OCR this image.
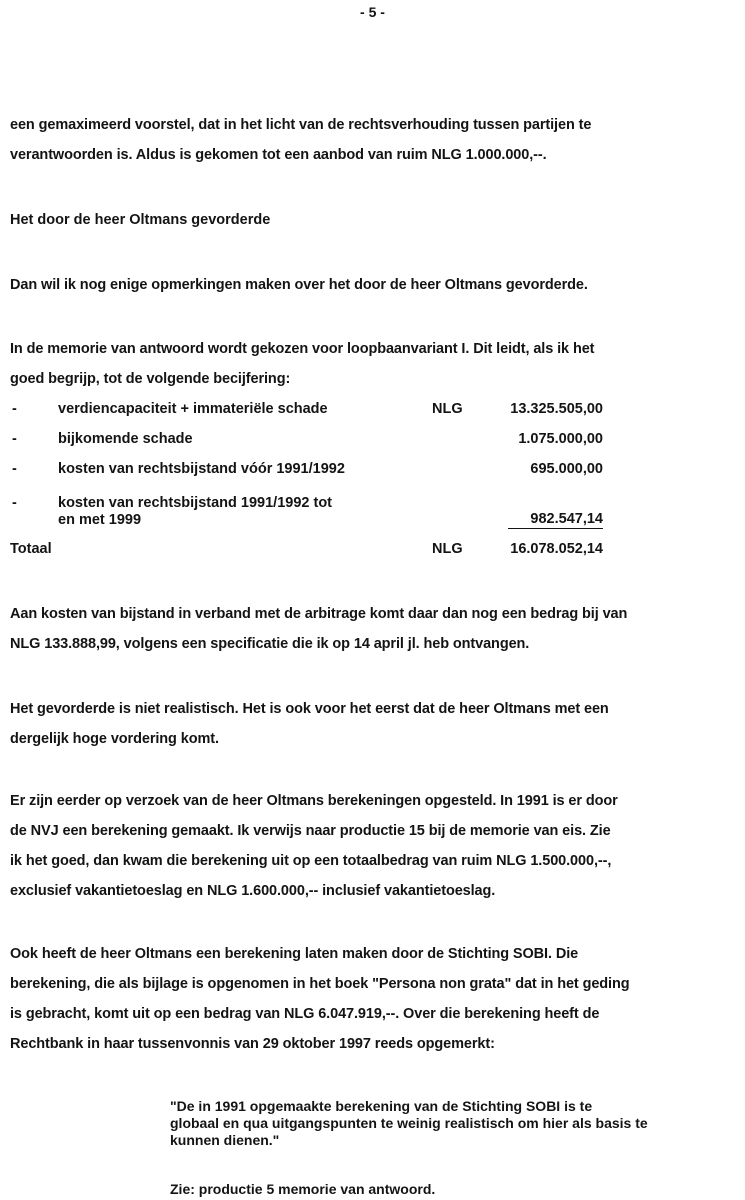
- 5 -
een gemaximeerd voorstel, dat in het licht van de rechtsverhouding tussen partijen te
verantwoorden is. Aldus is gekomen tot een aanbod van ruim NLG 1.000.000,--.
Het door de heer Oltmans gevorderde
Dan wil ik nog enige opmerkingen maken over het door de heer Oltmans gevorderde.
In de memorie van antwoord wordt gekozen voor loopbaanvariant I. Dit leidt, als ik het
goed begrijp, tot de volgende becijfering:
-	verdiencapaciteit + immateriële schade	NLG	13.325.505,00
-	bijkomende schade	1.075.000,00
-	kosten van rechtsbijstand vóór 1991/1992	695.000,00
-	kosten van rechtsbijstand 1991/1992 tot
en met 1999	982.547,14
Totaal	NLG	16.078.052,14
Aan kosten van bijstand in verband met de arbitrage komt daar dan nog een bedrag bij van
NLG 133.888,99, volgens een specificatie die ik op 14 april jl. heb ontvangen.
Het gevorderde is niet realistisch. Het is ook voor het eerst dat de heer Oltmans met een
dergelijk hoge vordering komt.
Er zijn eerder op verzoek van de heer Oltmans berekeningen opgesteld. In 1991 is er door
de NVJ een berekening gemaakt. Ik verwijs naar productie 15 bij de memorie van eis. Zie
ik het goed, dan kwam die berekening uit op een totaalbedrag van ruim NLG 1.500.000,--,
exclusief vakantietoeslag en NLG 1.600.000,-- inclusief vakantietoeslag.
Ook heeft de heer Oltmans een berekening laten maken door de Stichting SOBI. Die
berekening, die als bijlage is opgenomen in het boek "Persona non grata" dat in het geding
is gebracht, komt uit op een bedrag van NLG 6.047.919,--. Over die berekening heeft de
Rechtbank in haar tussenvonnis van 29 oktober 1997 reeds opgemerkt:
"De in 1991 opgemaakte berekening van de Stichting SOBI is te
globaal en qua uitgangspunten te weinig realistisch om hier als basis te
kunnen dienen."
Zie: productie 5 memorie van antwoord.
